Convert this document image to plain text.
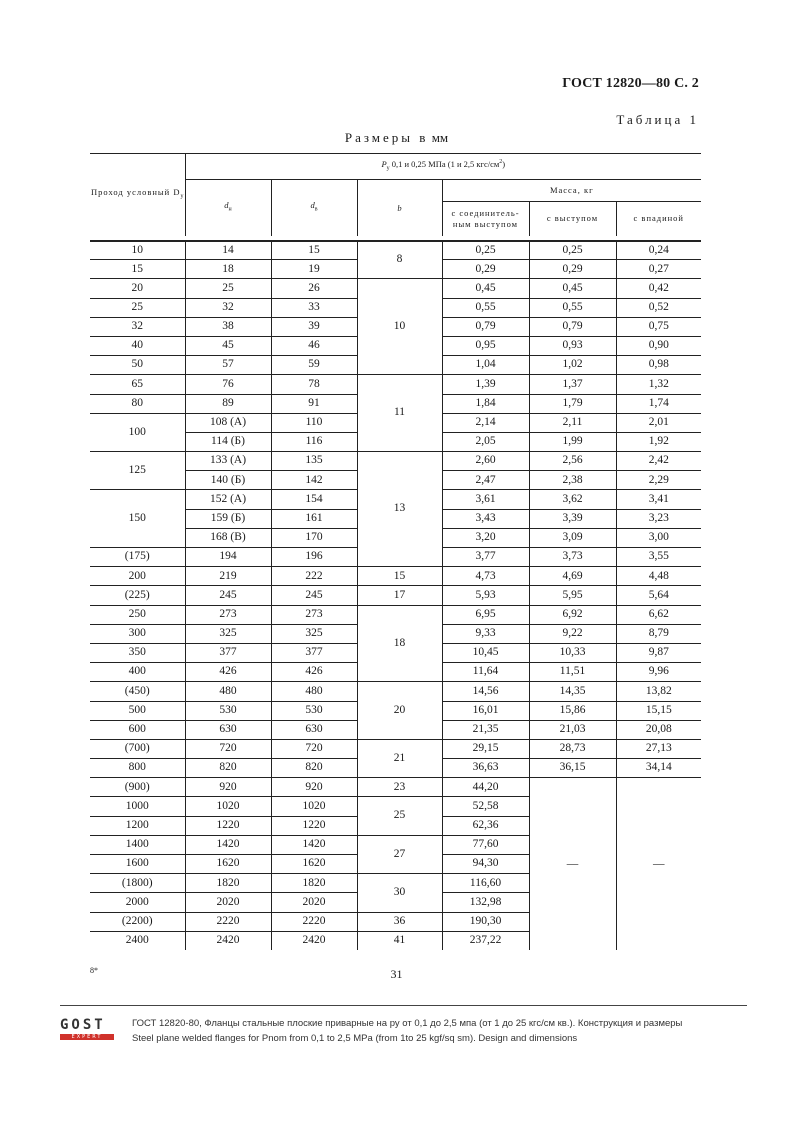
ГОСТ 12820—80 С. 2
Таблица 1
Размеры в мм
Проход условный $D_у$	$P_у$ 0,1 и 0,25 МПа (1 и 2,5 кгс/$см^2$)					
	$d_н$	$d_в$	b	Масса, кг		
				с соединитель-ным выступом	с выступом	с впадиной

10	14	15	8	0,25	0,25	0,24
15	18	19		0,29	0,29	0,27
20	25	26	10	0,45	0,45	0,42
25	32	33		0,55	0,55	0,52
32	38	39		0,79	0,79	0,75
40	45	46		0,95	0,93	0,90
50	57	59		1,04	1,02	0,98
65	76	78	11	1,39	1,37	1,32
80	89	91		1,84	1,79	1,74
100	108 (А)	110		2,14	2,11	2,01
	114 (Б)	116		2,05	1,99	1,92
125	133 (А)	135	13	2,60	2,56	2,42
	140 (Б)	142		2,47	2,38	2,29
150	152 (А)	154		3,61	3,62	3,41
	159 (Б)	161		3,43	3,39	3,23
	168 (В)	170		3,20	3,09	3,00
(175)	194	196		3,77	3,73	3,55
200	219	222	15	4,73	4,69	4,48
(225)	245	245	17	5,93	5,95	5,64
250	273	273	18	6,95	6,92	6,62
300	325	325		9,33	9,22	8,79
350	377	377		10,45	10,33	9,87
400	426	426		11,64	11,51	9,96
(450)	480	480	20	14,56	14,35	13,82
500	530	530		16,01	15,86	15,15
600	630	630		21,35	21,03	20,08
(700)	720	720	21	29,15	28,73	27,13
800	820	820		36,63	36,15	34,14
(900)	920	920	23	44,20	—	—
1000	1020	1020	25	52,58		
1200	1220	1220		62,36		
1400	1420	1420	27	77,60		
1600	1620	1620		94,30		
(1800)	1820	1820	30	116,60		
2000	2020	2020		132,98		
(2200)	2220	2220	36	190,30		
2400	2420	2420	41	237,22		
8*	31
GOST
EXPERT
ГОСТ 12820-80, Фланцы стальные плоские приварные на ру от 0,1 до 2,5 мпа (от 1 до 25 кгс/см кв.). Конструкция и размеры
Steel plane welded flanges for Pnom from 0,1 to 2,5 MPa (from 1to 25 kgf/sq sm). Design and dimensions
